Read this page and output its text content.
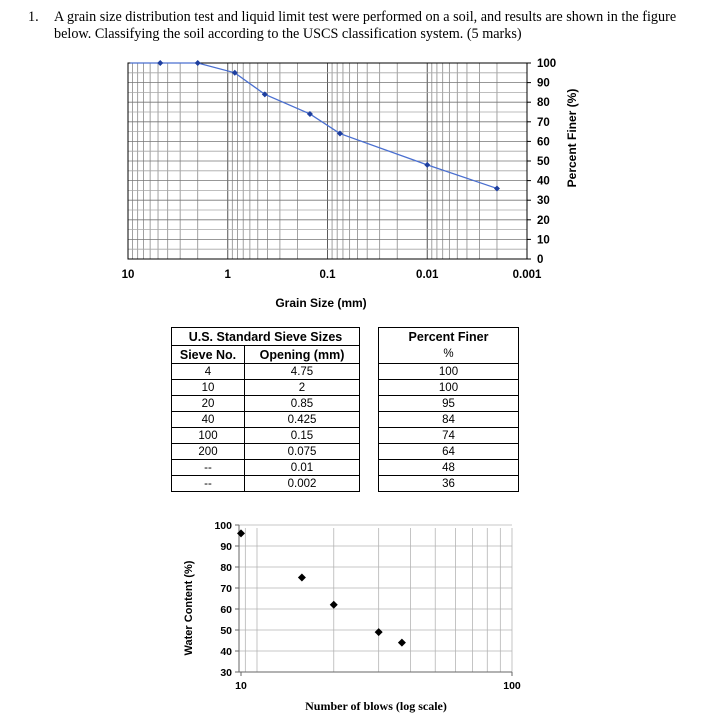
1. A grain size distribution test and liquid limit test were performed on a soil, and results are shown in the figure below. Classifying the soil according to the USCS classification system. (5 marks)
10	1	0.1	0.01	0.001
100
90
80
70
60
50
40
30
20
10
0
Grain Size (mm)
Percent Finer (%)
U.S. Standard Sieve Sizes			Percent Finer
Sieve No.	Opening (mm)		%
4	4.75		100
10	2		100
20	0.85		95
40	0.425		84
100	0.15		74
200	0.075		64
--	0.01		48
--	0.002		36
10	100
100
90
80
70
60
50
40
30
Number of blows (log scale)
Water Content (%)
